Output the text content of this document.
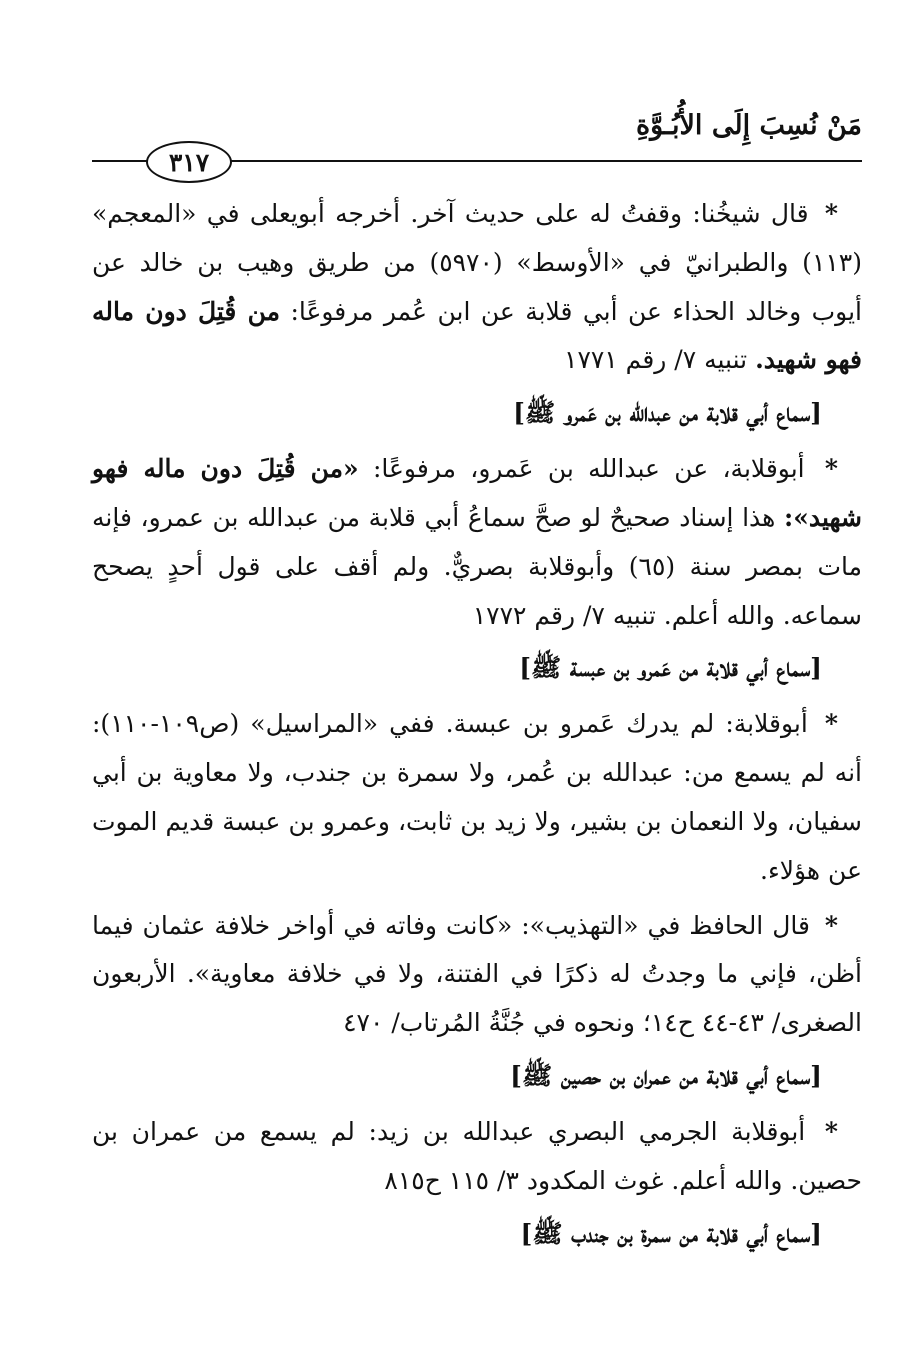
مَنْ نُسِبَ إِلَى الأُبُـوَّةِ
٣١٧

* قال شيخُنا: وقفتُ له على حديث آخر. أخرجه أبويعلى في «المعجم» (١١٣) والطبرانيّ في «الأوسط» (٥٩٧٠) من طريق وهيب بن خالد عن أيوب وخالد الحذاء عن أبي قلابة عن ابن عُمر مرفوعًا: من قُتِلَ دون ماله فهو شهيد. تنبيه ٧/ رقم ١٧٧١

[سماع أبي قلابة من عبدالله بن عَمرو ﷺ]

* أبوقلابة، عن عبدالله بن عَمرو، مرفوعًا: «من قُتِلَ دون ماله فهو شهيد»: هذا إسناد صحيحٌ لو صحَّ سماعُ أبي قلابة من عبدالله بن عمرو، فإنه مات بمصر سنة (٦٥) وأبوقلابة بصريٌّ. ولم أقف على قول أحدٍ يصحح سماعه. والله أعلم. تنبيه ٧/ رقم ١٧٧٢

[سماع أبي قلابة من عَمرو بن عبسة ﷺ]

* أبوقلابة: لم يدرك عَمرو بن عبسة. ففي «المراسيل» (ص١٠٩-١١٠): أنه لم يسمع من: عبدالله بن عُمر، ولا سمرة بن جندب، ولا معاوية بن أبي سفيان، ولا النعمان بن بشير، ولا زيد بن ثابت، وعمرو بن عبسة قديم الموت عن هؤلاء.

* قال الحافظ في «التهذيب»: «كانت وفاته في أواخر خلافة عثمان فيما أظن، فإني ما وجدتُ له ذكرًا في الفتنة، ولا في خلافة معاوية». الأربعون الصغرى/ ٤٣-٤٤ ح١٤؛ ونحوه في جُنَّةُ المُرتاب/ ٤٧٠

[سماع أبي قلابة من عمران بن حصين ﷺ]

* أبوقلابة الجرمي البصري عبدالله بن زيد: لم يسمع من عمران بن حصين. والله أعلم. غوث المكدود ٣/ ١١٥ ح٨١٥

[سماع أبي قلابة من سمرة بن جندب ﷺ]
